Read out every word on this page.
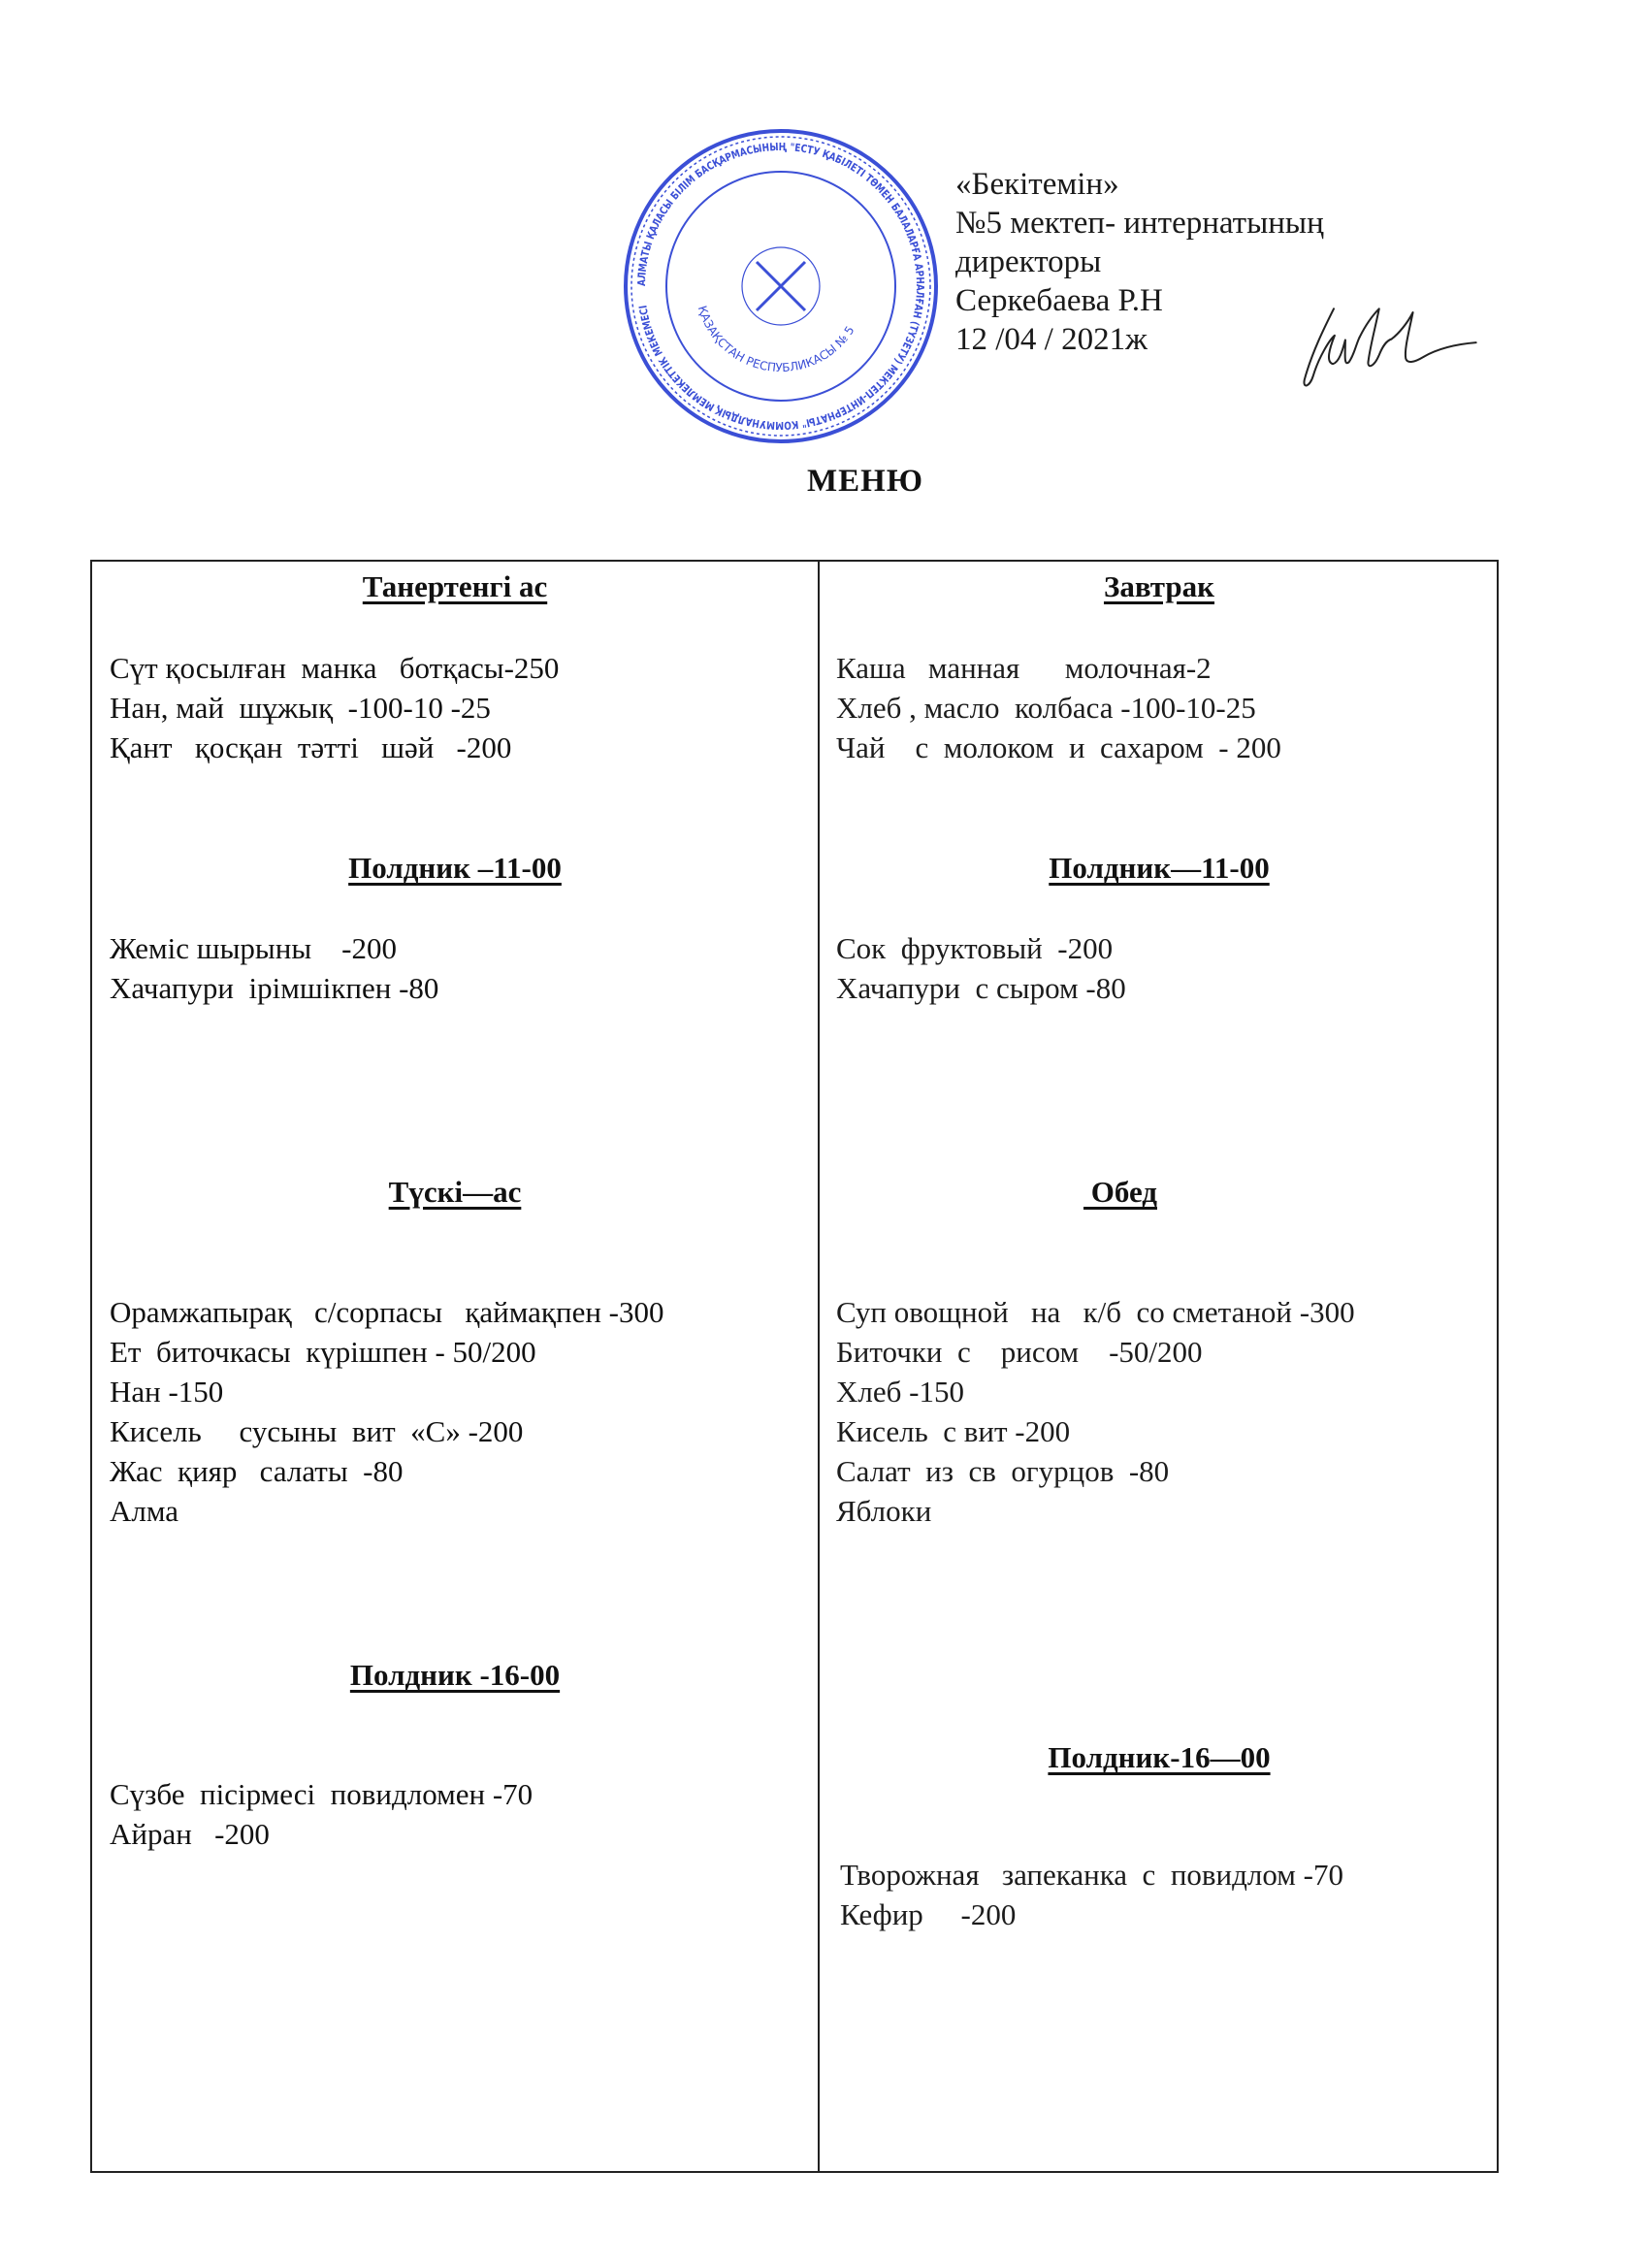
АЛМАТЫ ҚАЛАСЫ БІЛІМ БАСҚАРМАСЫНЫҢ "ЕСТУ ҚАБІЛЕТІ ТӨМЕН БАЛАЛАРҒА АРНАЛҒАН (ТҮЗЕТУ) МЕКТЕП-ИНТЕРНАТЫ" КОММУНАЛДЫҚ МЕМЛЕКЕТТІК МЕКЕМЕСІ	ҚАЗАҚСТАН РЕСПУБЛИКАСЫ № 5
«Бекітемін»
№5 мектеп- интернатының
директоры
Серкебаева Р.Н
12 /04 / 2021ж
МЕНЮ
Танертенгі ас
Сүт қосылған  манка   ботқасы-250
Нан, май  шұжық  -100-10 -25
Қант   қосқан  тәтті   шәй   -200
Полдник –11-00
Жеміс шырыны    -200
Хачапури  ірімшікпен -80
Түскі—ас
Орамжапырақ   с/сорпасы   қаймақпен -300
Ет  биточкасы  күрішпен - 50/200
Нан -150
Кисель     сусыны  вит  «С» -200
Жас  қияр   салаты  -80
Алма
Полдник -16-00
Сүзбе  пісірмесі  повидломен -70
Айран   -200
Завтрак
Каша   манная      молочная-2
Хлеб , масло  колбаса -100-10-25
Чай    с  молоком  и  сахаром  - 200
Полдник—11-00
Сок  фруктовый  -200
Хачапури  с сыром -80
Обед
Суп овощной   на   к/б  со сметаной -300
Биточки  с    рисом    -50/200
Хлеб -150
Кисель  с вит -200
Салат  из  св  огурцов  -80
Яблоки
Полдник-16—00
Творожная   запеканка  с  повидлом -70
Кефир     -200
